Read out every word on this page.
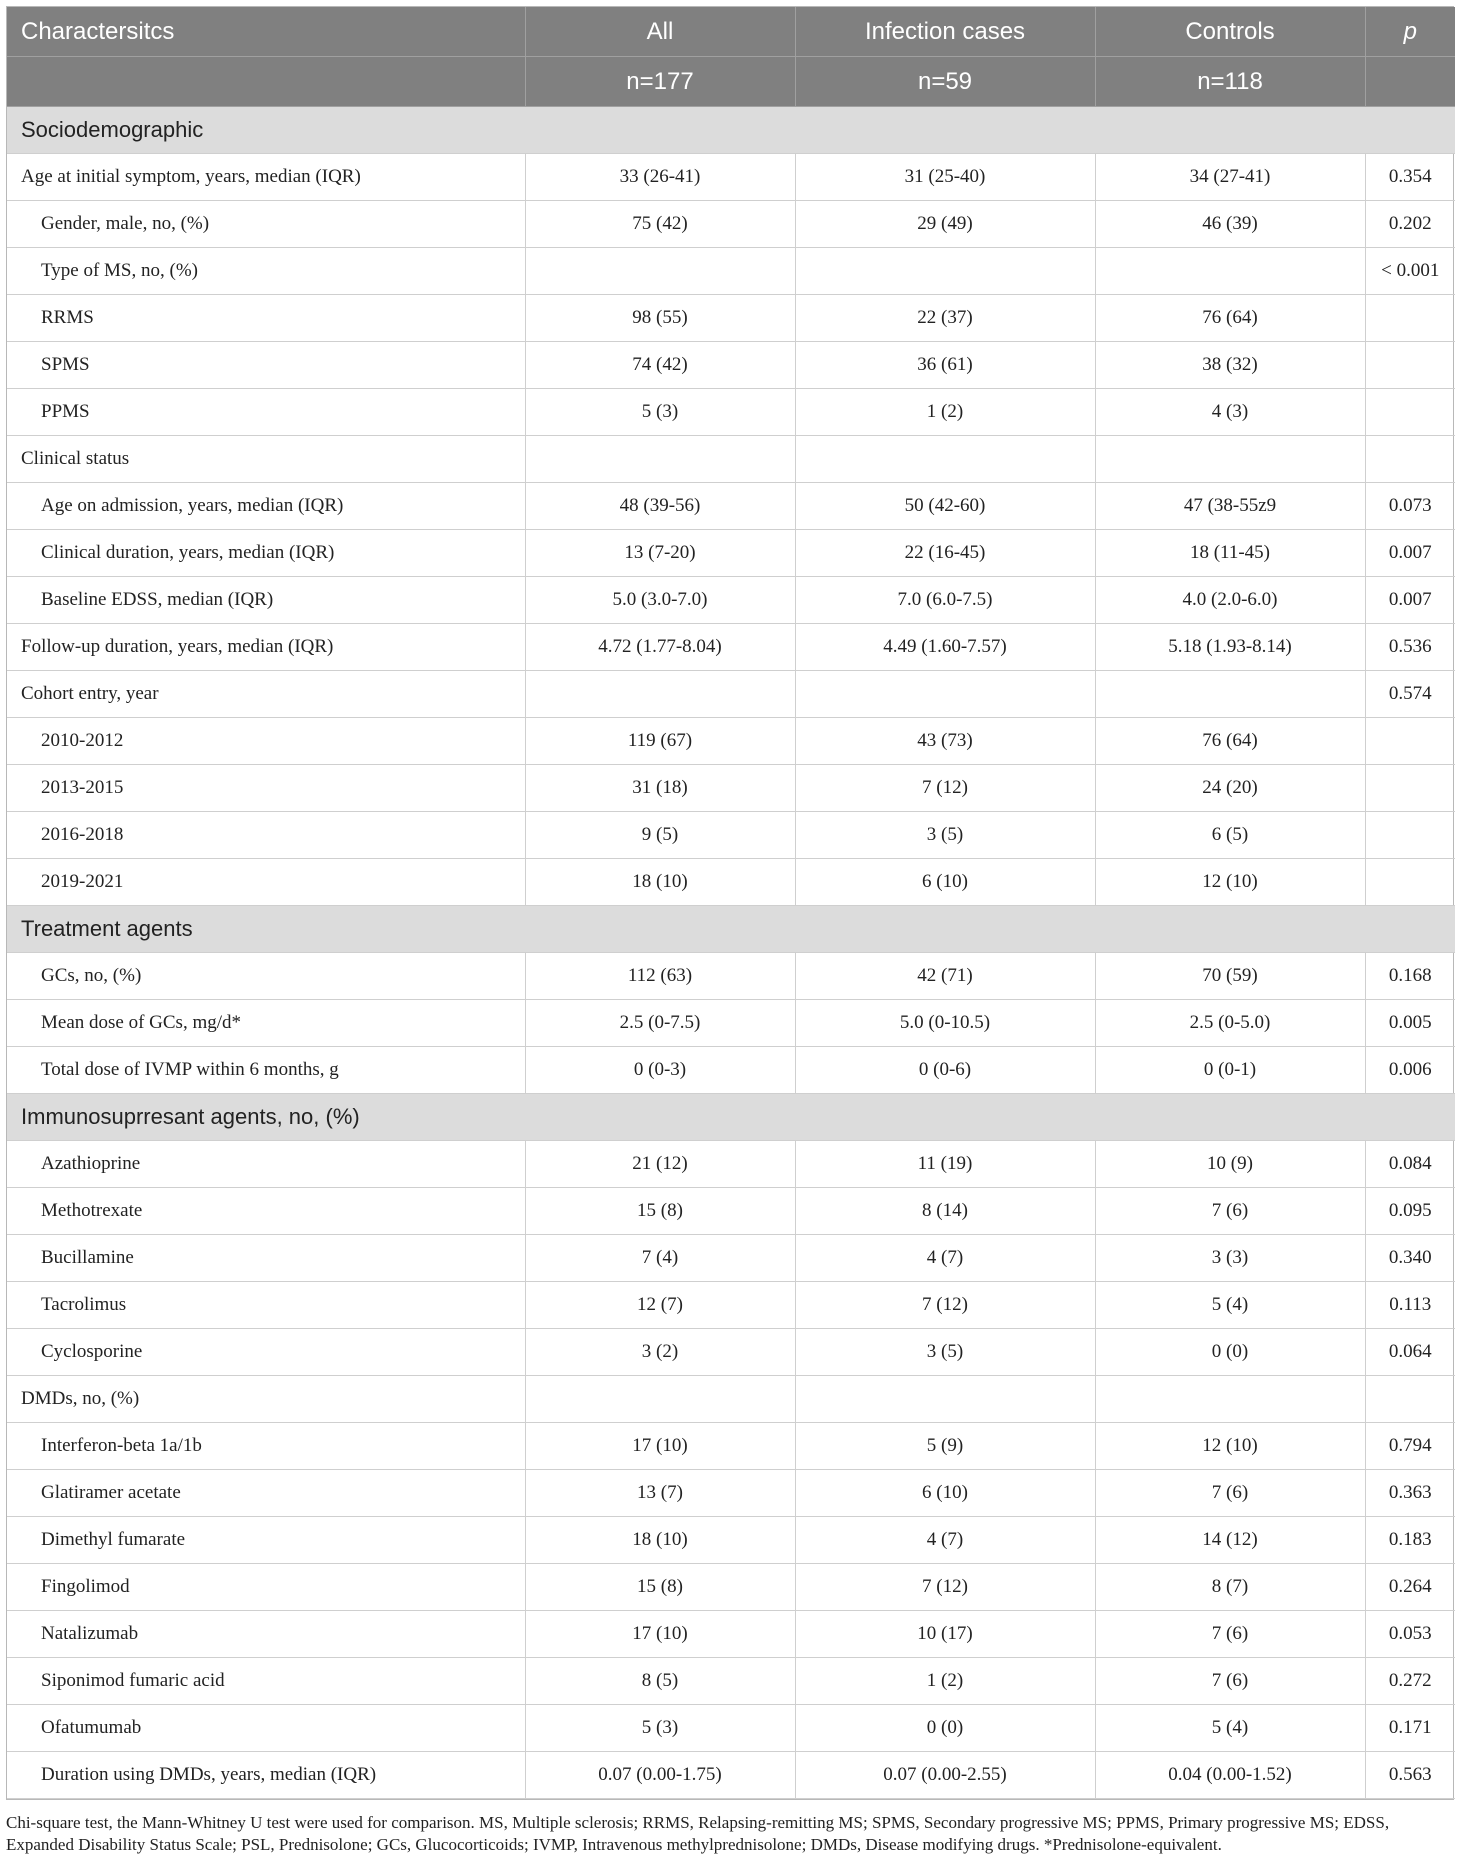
Charactersitcs	All	Infection cases	Controls	p
	n=177	n=59	n=118	
Sociodemographic				
Age at initial symptom, years, median (IQR)	33 (26-41)	31 (25-40)	34 (27-41)	0.354
Gender, male, no, (%)	75 (42)	29 (49)	46 (39)	0.202
Type of MS, no, (%)				< 0.001
RRMS	98 (55)	22 (37)	76 (64)	
SPMS	74 (42)	36 (61)	38 (32)	
PPMS	5 (3)	1 (2)	4 (3)	
Clinical status				
Age on admission, years, median (IQR)	48 (39-56)	50 (42-60)	47 (38-55z9	0.073
Clinical duration, years, median (IQR)	13 (7-20)	22 (16-45)	18 (11-45)	0.007
Baseline EDSS, median (IQR)	5.0 (3.0-7.0)	7.0 (6.0-7.5)	4.0 (2.0-6.0)	0.007
Follow-up duration, years, median (IQR)	4.72 (1.77-8.04)	4.49 (1.60-7.57)	5.18 (1.93-8.14)	0.536
Cohort entry, year				0.574
2010-2012	119 (67)	43 (73)	76 (64)	
2013-2015	31 (18)	7 (12)	24 (20)	
2016-2018	9 (5)	3 (5)	6 (5)	
2019-2021	18 (10)	6 (10)	12 (10)	
Treatment agents				
GCs, no, (%)	112 (63)	42 (71)	70 (59)	0.168
Mean dose of GCs, mg/d*	2.5 (0-7.5)	5.0 (0-10.5)	2.5 (0-5.0)	0.005
Total dose of IVMP within 6 months, g	0 (0-3)	0 (0-6)	0 (0-1)	0.006
Immunosuprresant agents, no, (%)				
Azathioprine	21 (12)	11 (19)	10 (9)	0.084
Methotrexate	15 (8)	8 (14)	7 (6)	0.095
Bucillamine	7 (4)	4 (7)	3 (3)	0.340
Tacrolimus	12 (7)	7 (12)	5 (4)	0.113
Cyclosporine	3 (2)	3 (5)	0 (0)	0.064
DMDs, no, (%)				
Interferon-beta 1a/1b	17 (10)	5 (9)	12 (10)	0.794
Glatiramer acetate	13 (7)	6 (10)	7 (6)	0.363
Dimethyl fumarate	18 (10)	4 (7)	14 (12)	0.183
Fingolimod	15 (8)	7 (12)	8 (7)	0.264
Natalizumab	17 (10)	10 (17)	7 (6)	0.053
Siponimod fumaric acid	8 (5)	1 (2)	7 (6)	0.272
Ofatumumab	5 (3)	0 (0)	5 (4)	0.171
Duration using DMDs, years, median (IQR)	0.07 (0.00-1.75)	0.07 (0.00-2.55)	0.04 (0.00-1.52)	0.563
Chi-square test, the Mann-Whitney U test were used for comparison. MS, Multiple sclerosis; RRMS, Relapsing-remitting MS; SPMS, Secondary progressive MS; PPMS, Primary progressive MS; EDSS, Expanded Disability Status Scale; PSL, Prednisolone; GCs, Glucocorticoids; IVMP, Intravenous methylprednisolone; DMDs, Disease modifying drugs. *Prednisolone-equivalent.
